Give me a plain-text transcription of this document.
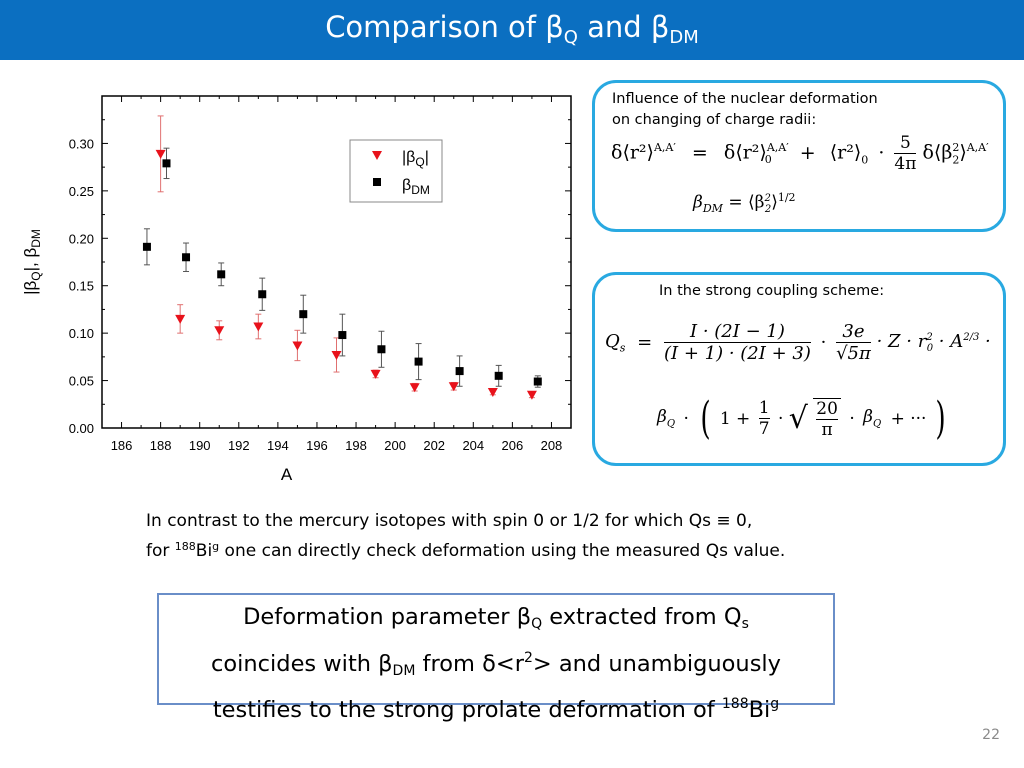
Comparison of $\beta_Q$ and $\beta_{DM}$
186 188 190 192 194 196 198 200 202 204 206 208
0.00
0.05
0.10
0.15
0.20
0.25
0.30
A
$|\beta_Q|$, $\beta_{DM}$
$|\beta_Q|$
$\beta_{DM}$
Influence of the nuclear deformation
on changing of charge radii:
δ⟨r²⟩$^{A,A'}$ = δ⟨r²⟩$^{A,A'}_0$ + $⟨r^2⟩_0 \cdot \frac{5}{4\pi}$ $\delta⟨\beta_2^2⟩^{A,A'}$
$\beta_{DM}$ = $⟨\beta^2_2⟩^{1/2}$
In the strong coupling scheme:
$Q_s = \frac{I \cdot (2I - 1)}{(I + 1) \cdot (2I + 3)} \cdot \frac{3e}{√5\pi} \cdot Z \cdot r^2_0 \cdot A^{2/3}$ ·
$\beta_Q$ · ( $1 + \frac{1}{7}$ · √ $\frac{20}{\pi} \cdot \beta_Q$ + ··· )
In contrast to the mercury isotopes with spin 0 or 1/2 for which Qs ≡ 0,
for $^{188}$Bi$^g$ one can directly check deformation using the measured Qs value.
Deformation parameter $\beta_Q$ extracted from $Q_s$
coincides with $\beta_{DM}$ from $\delta<r^2>$ and unambiguously
testifies to the strong prolate deformation of $^{188}$Bi$^g$
22
